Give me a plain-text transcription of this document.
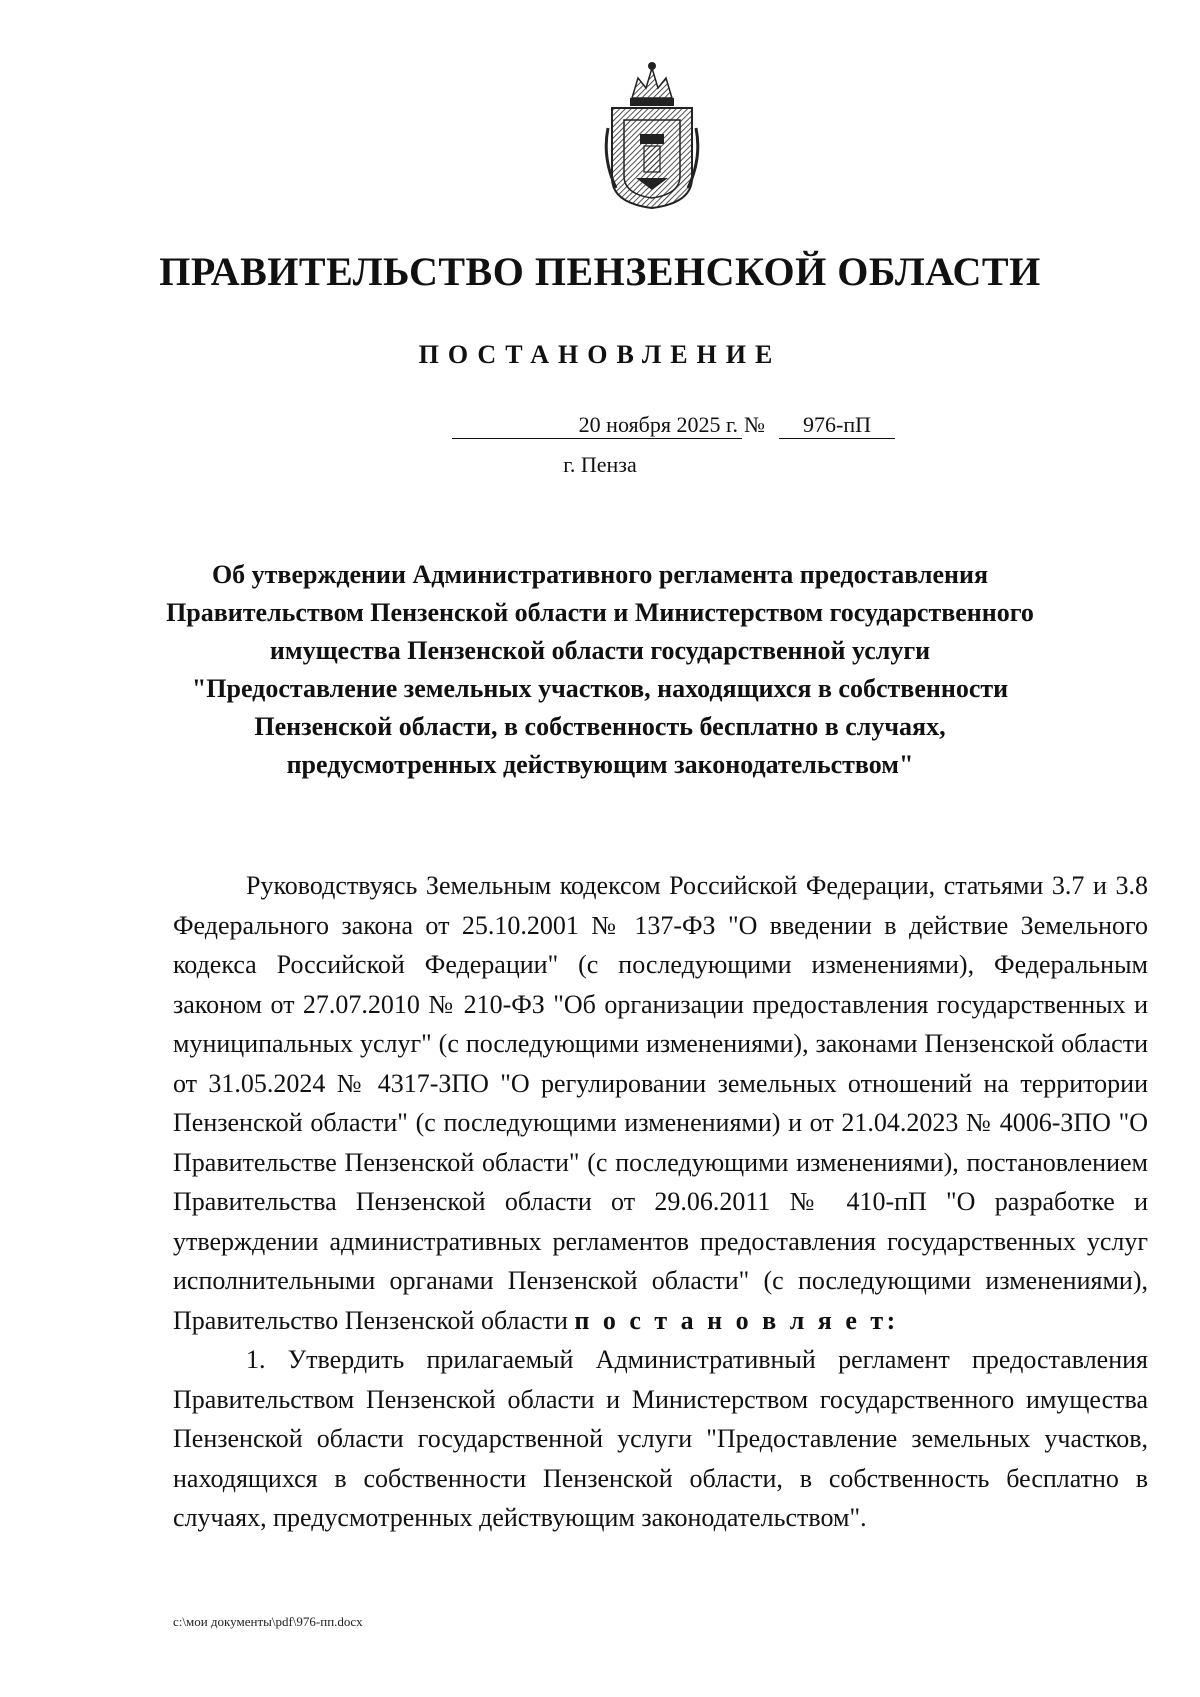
ПРАВИТЕЛЬСТВО ПЕНЗЕНСКОЙ ОБЛАСТИ
ПОСТАНОВЛЕНИЕ
20 ноября 2025 г. №	976-пП
г. Пенза
Об утверждении Административного регламента предоставления
Правительством Пензенской области и Министерством государственного
имущества Пензенской области государственной услуги
"Предоставление земельных участков, находящихся в собственности
Пензенской области, в собственность бесплатно в случаях,
предусмотренных действующим законодательством"

Руководствуясь Земельным кодексом Российской Федерации, статьями 3.7 и 3.8 Федерального закона от 25.10.2001 № 137-ФЗ "О введении в действие Земельного кодекса Российской Федерации" (с последующими изменениями), Федеральным законом от 27.07.2010 № 210-ФЗ "Об организации предоставления государственных и муниципальных услуг" (с последующими изменениями), законами Пензенской области от 31.05.2024 № 4317-ЗПО "О регулировании земельных отношений на территории Пензенской области" (с последующими изменениями) и от 21.04.2023 № 4006-ЗПО "О Правительстве Пензенской области" (с последующими изменениями), постановлением Правительства Пензенской области от 29.06.2011 № 410-пП "О разработке и утверждении административных регламентов предоставления государственных услуг исполнительными органами Пензенской области" (с последующими изменениями), Правительство Пензенской области п о с т а н о в л я е т:

1. Утвердить прилагаемый Административный регламент предоставления Правительством Пензенской области и Министерством государственного имущества Пензенской области государственной услуги "Предоставление земельных участков, находящихся в собственности Пензенской области, в собственность бесплатно в случаях, предусмотренных действующим законодательством".

c:\мои документы\pdf\976-пп.docx
